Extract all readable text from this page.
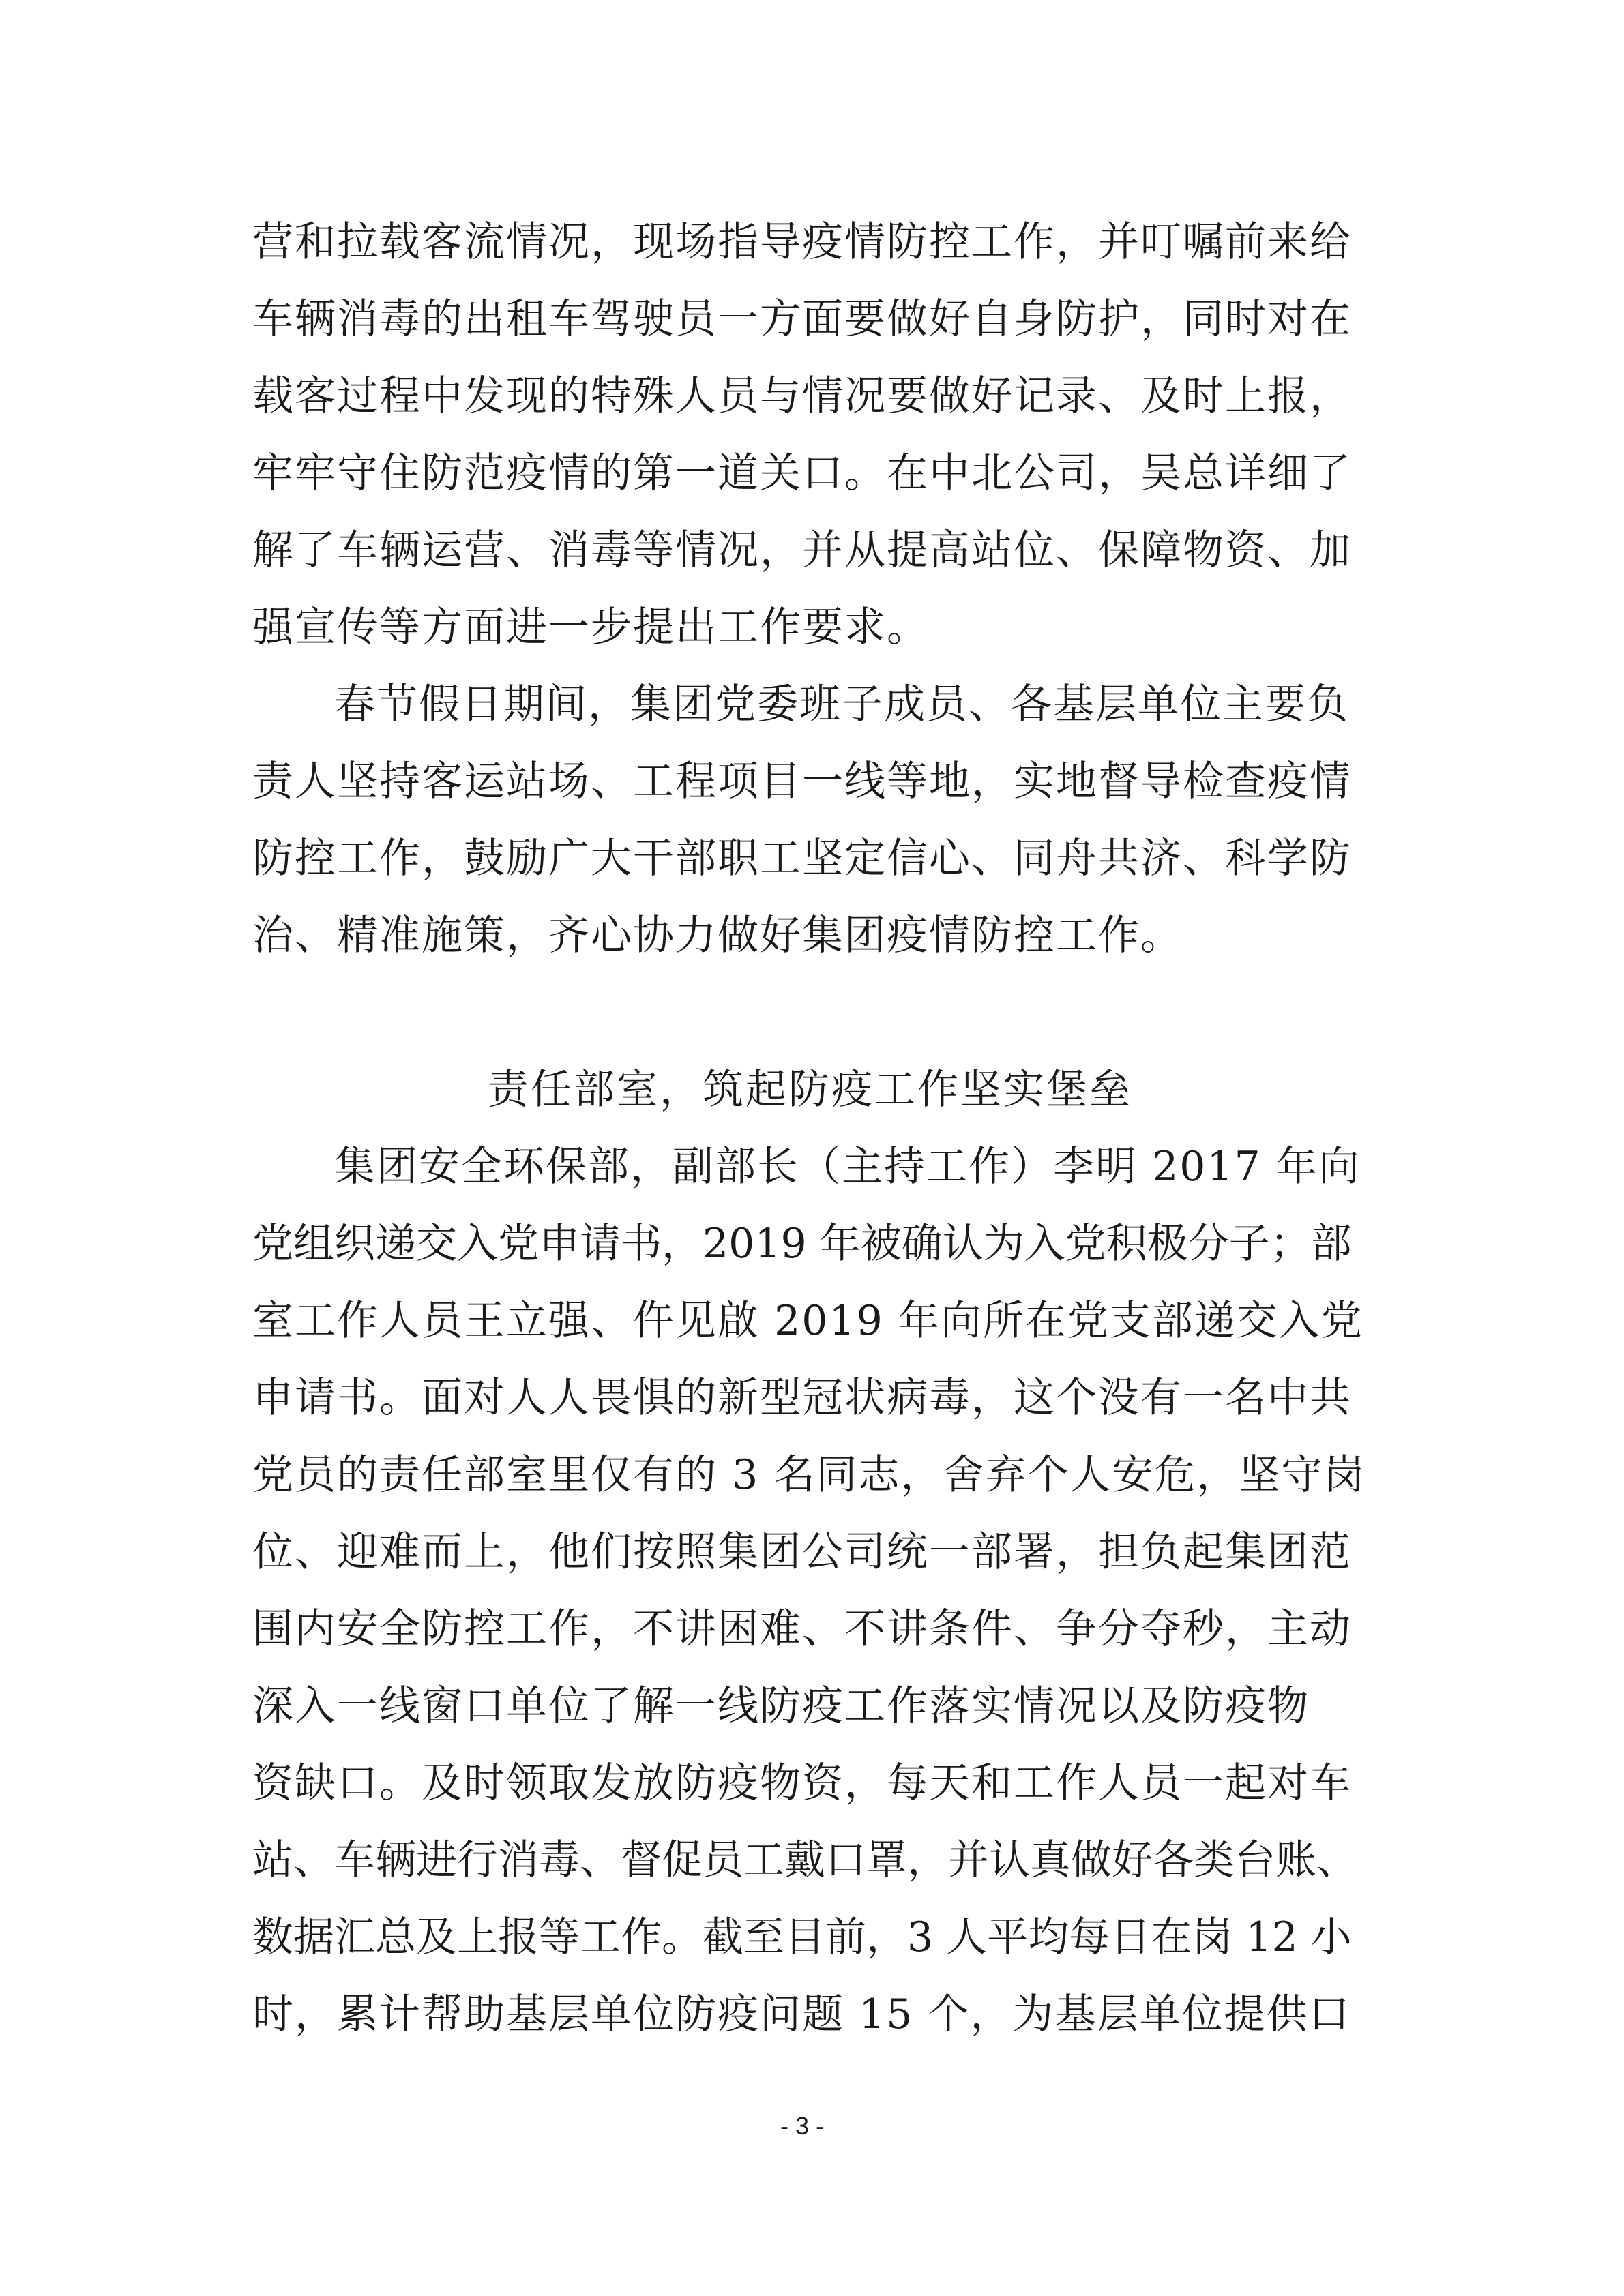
营和拉载客流情况，现场指导疫情防控工作，并叮嘱前来给
车辆消毒的出租车驾驶员一方面要做好自身防护，同时对在
载客过程中发现的特殊人员与情况要做好记录、及时上报，
牢牢守住防范疫情的第一道关口。在中北公司，吴总详细了
解了车辆运营、消毒等情况，并从提高站位、保障物资、加
强宣传等方面进一步提出工作要求。
春节假日期间，集团党委班子成员、各基层单位主要负
责人坚持客运站场、工程项目一线等地，实地督导检查疫情
防控工作，鼓励广大干部职工坚定信心、同舟共济、科学防
治、精准施策，齐心协力做好集团疫情防控工作。
责任部室，筑起防疫工作坚实堡垒
集团安全环保部，副部长（主持工作）李明 2017 年向
党组织递交入党申请书，2019 年被确认为入党积极分子；部
室工作人员王立强、仵见啟 2019 年向所在党支部递交入党
申请书。面对人人畏惧的新型冠状病毒，这个没有一名中共
党员的责任部室里仅有的 3 名同志，舍弃个人安危，坚守岗
位、迎难而上，他们按照集团公司统一部署，担负起集团范
围内安全防控工作，不讲困难、不讲条件、争分夺秒，主动
深入一线窗口单位了解一线防疫工作落实情况以及防疫物
资缺口。及时领取发放防疫物资，每天和工作人员一起对车
站、车辆进行消毒、督促员工戴口罩，并认真做好各类台账、
数据汇总及上报等工作。截至目前，3 人平均每日在岗 12 小
时，累计帮助基层单位防疫问题 15 个，为基层单位提供口
- 3 -
